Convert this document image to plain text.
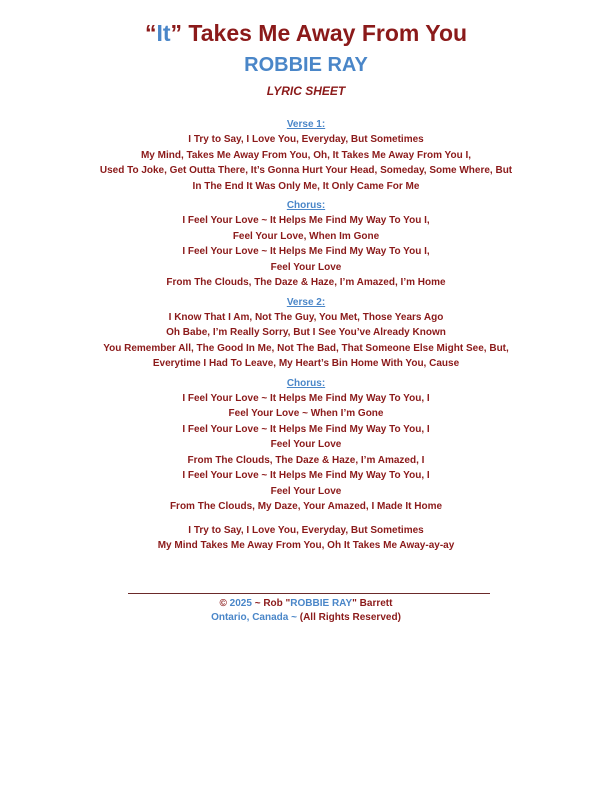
“It” Takes Me Away From You
ROBBIE RAY
LYRIC SHEET
Verse 1:
I Try to Say, I Love You, Everyday, But Sometimes
My Mind, Takes Me Away From You, Oh, It Takes Me Away From You I,
Used To Joke, Get Outta There, It’s Gonna Hurt Your Head, Someday, Some Where, But
In The End It Was Only Me, It Only Came For Me
Chorus:
I Feel Your Love ~ It Helps Me Find My Way To You I,
Feel Your Love, When Im Gone
I Feel Your Love ~ It Helps Me Find My Way To You I,
Feel Your Love
From The Clouds, The Daze & Haze, I’m Amazed, I’m Home
Verse 2:
I Know That I Am, Not The Guy, You Met, Those Years Ago
Oh Babe, I’m Really Sorry, But I See You’ve Already Known
You Remember All, The Good In Me, Not The Bad, That Someone Else Might See, But,
Everytime I Had To Leave, My Heart’s Bin Home With You, Cause
Chorus:
I Feel Your Love ~ It Helps Me Find My Way To You, I
Feel Your Love ~ When I’m Gone
I Feel Your Love ~ It Helps Me Find My Way To You, I
Feel Your Love
From The Clouds, The Daze & Haze, I’m Amazed, I
I Feel Your Love ~ It Helps Me Find My Way To You, I
Feel Your Love
From The Clouds, My Daze, Your Amazed, I Made It Home
I Try to Say, I Love You, Everyday, But Sometimes
My Mind Takes Me Away From You, Oh It Takes Me Away-ay-ay
© 2025 ~ Rob "ROBBIE RAY" Barrett
Ontario, Canada ~ (All Rights Reserved)
